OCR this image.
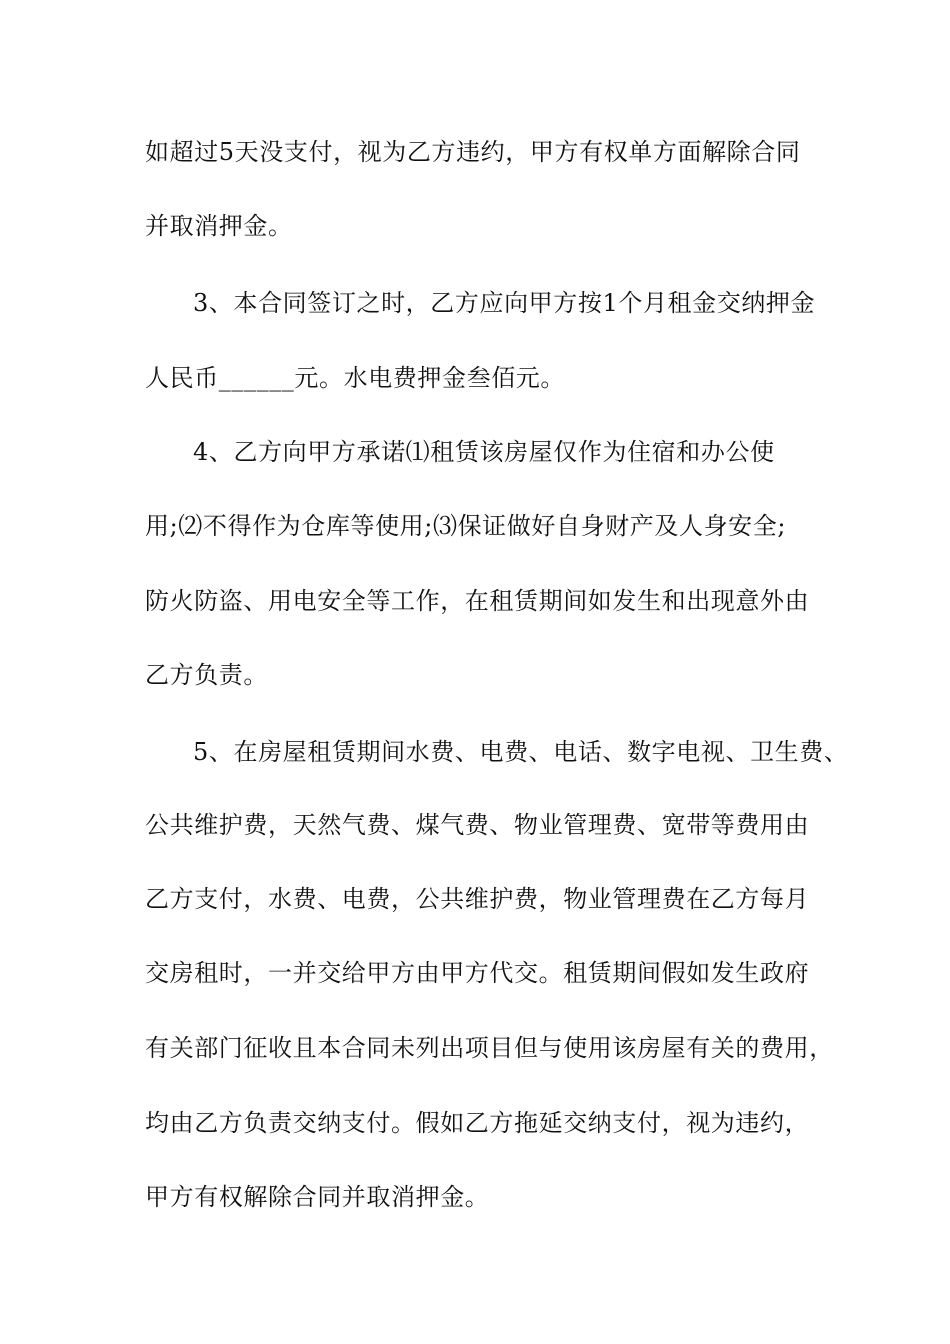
如超过5天没支付，视为乙方违约，甲方有权单方面解除合同
并取消押金。
3、本合同签订之时，乙方应向甲方按1个月租金交纳押金
人民币______元。水电费押金叁佰元。
4、乙方向甲方承诺⑴租赁该房屋仅作为住宿和办公使
用;⑵不得作为仓库等使用;⑶保证做好自身财产及人身安全;
防火防盗、用电安全等工作，在租赁期间如发生和出现意外由
乙方负责。
5、在房屋租赁期间水费、电费、电话、数字电视、卫生费、
公共维护费，天然气费、煤气费、物业管理费、宽带等费用由
乙方支付，水费、电费，公共维护费，物业管理费在乙方每月
交房租时，一并交给甲方由甲方代交。租赁期间假如发生政府
有关部门征收且本合同未列出项目但与使用该房屋有关的费用，
均由乙方负责交纳支付。假如乙方拖延交纳支付，视为违约，
甲方有权解除合同并取消押金。
